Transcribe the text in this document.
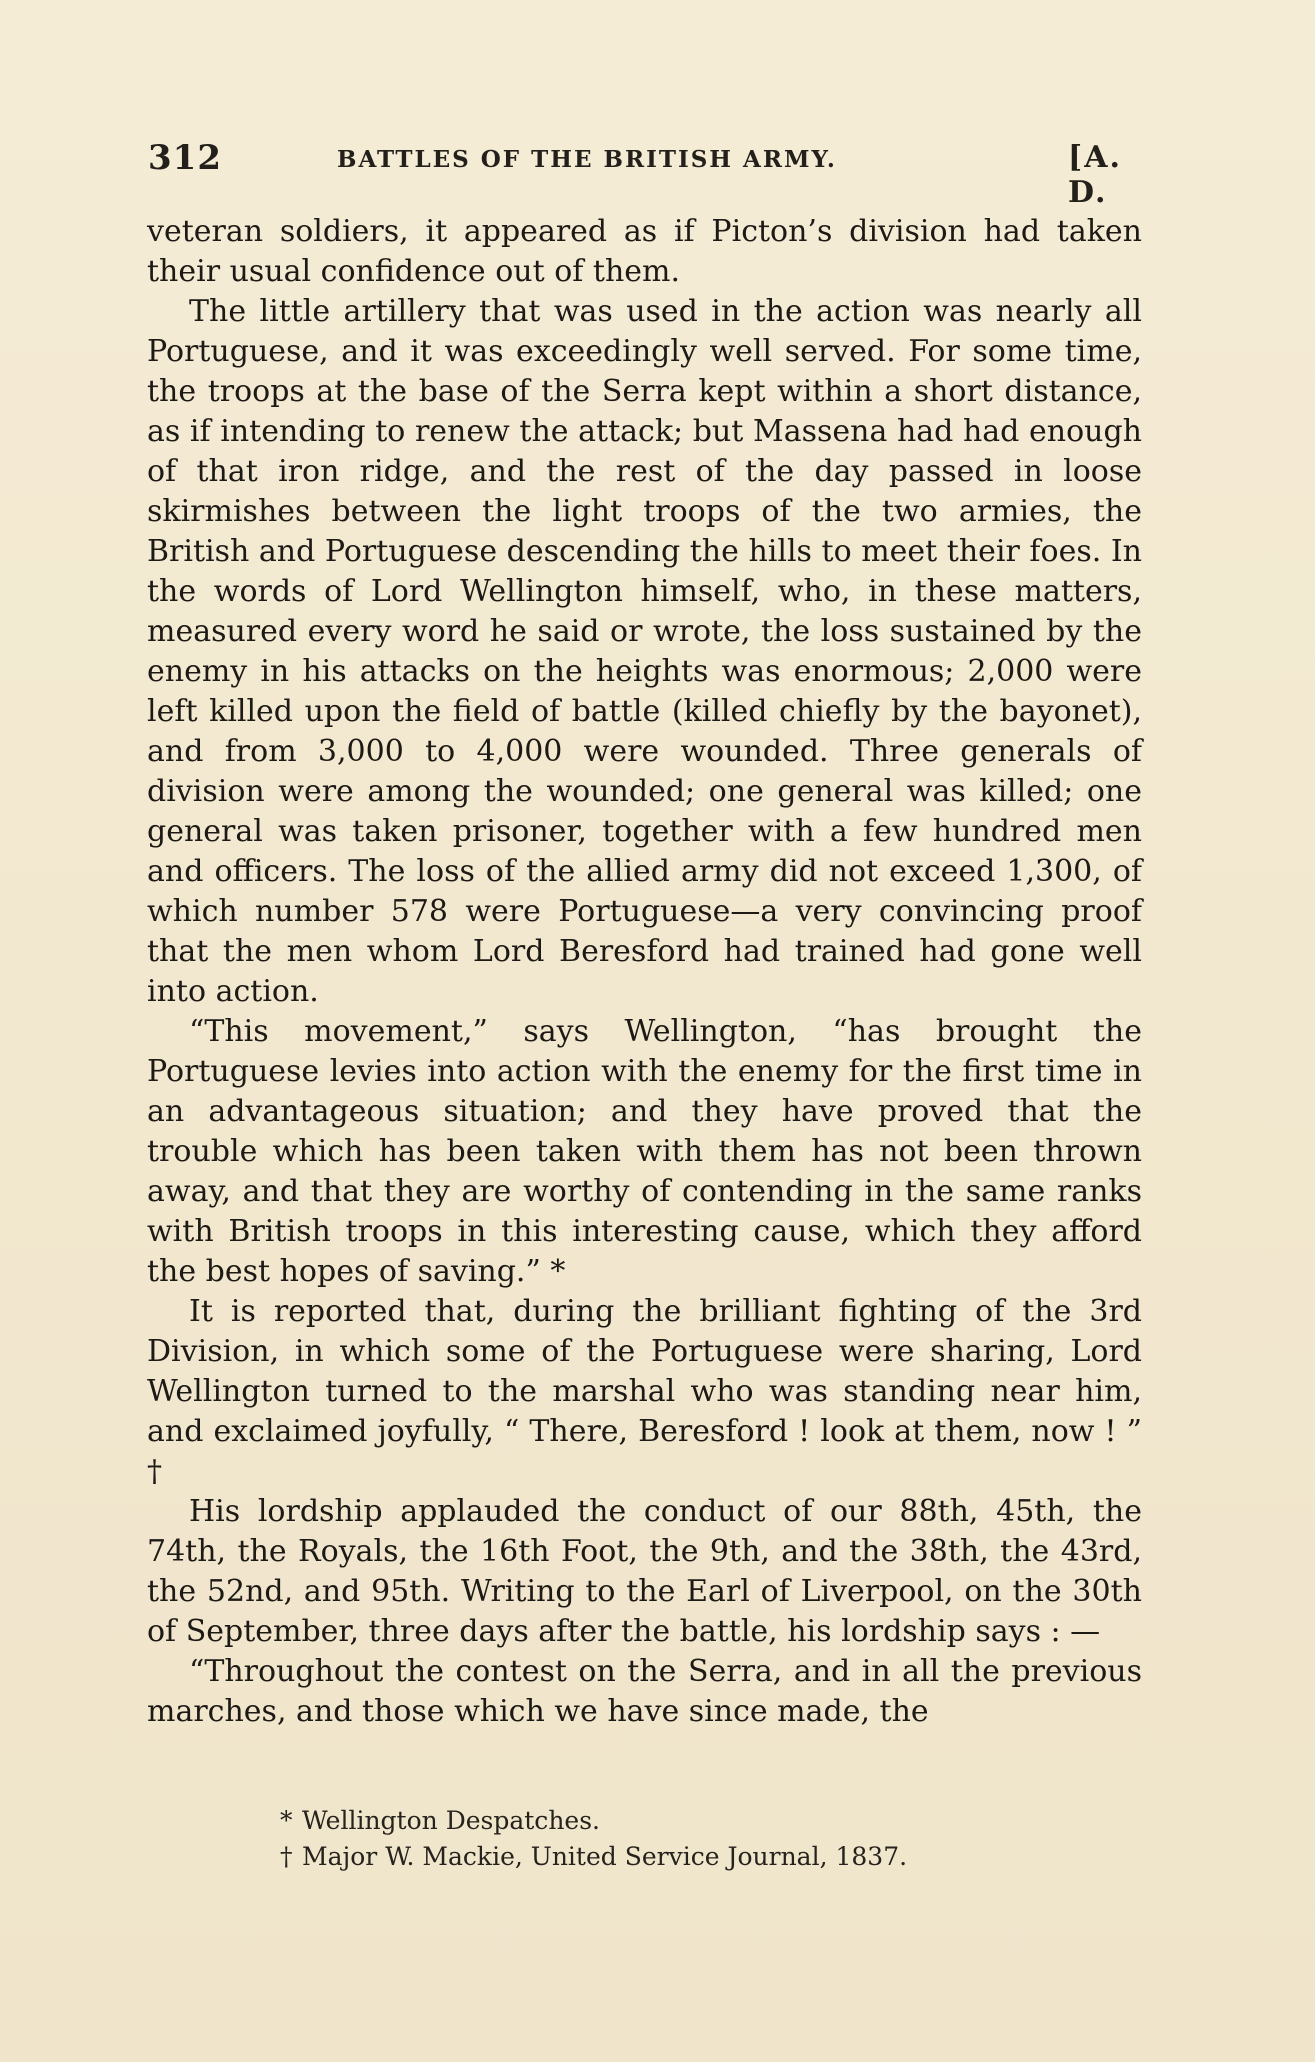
312	BATTLES OF THE BRITISH ARMY.	[A. D.

veteran soldiers, it appeared as if Picton’s division had taken their usual confidence out of them.

The little artillery that was used in the action was nearly all Portuguese, and it was exceedingly well served. For some time, the troops at the base of the Serra kept within a short distance, as if intending to renew the attack; but Massena had had enough of that iron ridge, and the rest of the day passed in loose skirmishes between the light troops of the two armies, the British and Portuguese descending the hills to meet their foes. In the words of Lord Wellington himself, who, in these matters, measured every word he said or wrote, the loss sustained by the enemy in his attacks on the heights was enormous; 2,000 were left killed upon the field of battle (killed chiefly by the bayonet), and from 3,000 to 4,000 were wounded. Three generals of division were among the wounded; one general was killed; one general was taken prisoner, together with a few hundred men and officers. The loss of the allied army did not exceed 1,300, of which number 578 were Portuguese—a very convincing proof that the men whom Lord Beresford had trained had gone well into action.

“This movement,” says Wellington, “has brought the Portuguese levies into action with the enemy for the first time in an advantageous situation; and they have proved that the trouble which has been taken with them has not been thrown away, and that they are worthy of contending in the same ranks with British troops in this interesting cause, which they afford the best hopes of saving.” *

It is reported that, during the brilliant fighting of the 3rd Division, in which some of the Portuguese were sharing, Lord Wellington turned to the marshal who was standing near him, and exclaimed joyfully, “ There, Beresford ! look at them, now ! ” †

His lordship applauded the conduct of our 88th, 45th, the 74th, the Royals, the 16th Foot, the 9th, and the 38th, the 43rd, the 52nd, and 95th. Writing to the Earl of Liverpool, on the 30th of September, three days after the battle, his lordship says : —

“Throughout the contest on the Serra, and in all the previous marches, and those which we have since made, the

* Wellington Despatches.

† Major W. Mackie, United Service Journal, 1837.
